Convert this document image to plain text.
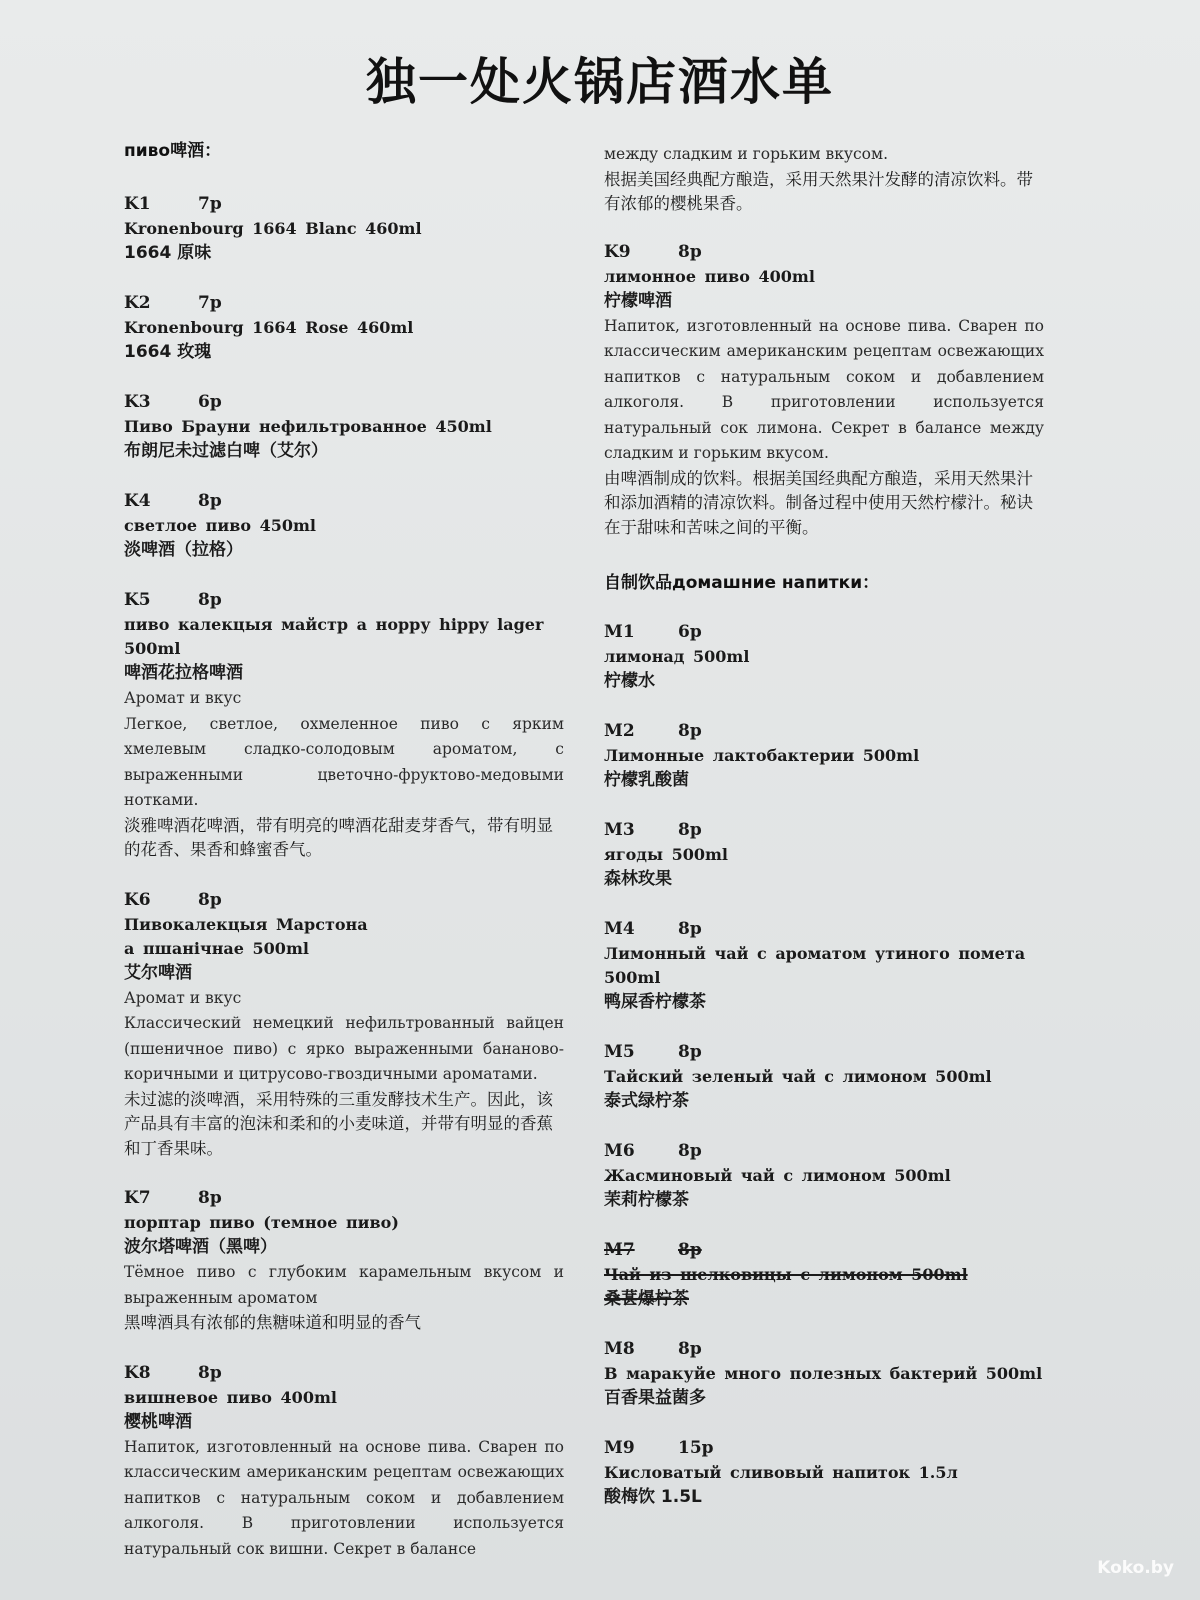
独一处火锅店酒水单
пиво啤酒：
K1	7р
Kronenbourg 1664 Blanc 460ml
1664 原味
K2	7р
Kronenbourg 1664 Rose 460ml
1664 玫瑰
K3	6р
Пиво Брауни нефильтрованное 450ml
布朗尼未过滤白啤（艾尔）
K4	8р
светлое пиво 450ml
淡啤酒（拉格）
K5	8р
пиво калекцыя майстр а норру hippy lager 500ml
啤酒花拉格啤酒
Аромат и вкус
Легкое, светлое, охмеленное пиво с ярким хмелевым сладко-солодовым ароматом, с выраженными цветочно-фруктово-медовыми нотками.
淡雅啤酒花啤酒，带有明亮的啤酒花甜麦芽香气，带有明显的花香、果香和蜂蜜香气。
K6	8р
Пивокалекцыя Марстона
а пшанiчнае 500ml
艾尔啤酒
Аромат и вкус
Классический немецкий нефильтрованный вайцен (пшеничное пиво) с ярко выраженными бананово-коричными и цитрусово-гвоздичными ароматами.
未过滤的淡啤酒，采用特殊的三重发酵技术生产。因此，该产品具有丰富的泡沫和柔和的小麦味道，并带有明显的香蕉和丁香果味。
K7	8р
порптар пиво (темное пиво)
波尔塔啤酒（黑啤）
Тёмное пиво с глубоким карамельным вкусом и выраженным ароматом
黑啤酒具有浓郁的焦糖味道和明显的香气
K8	8р
вишневое пиво 400ml
樱桃啤酒
Напиток, изготовленный на основе пива. Сварен по классическим американским рецептам освежающих напитков с натуральным соком и добавлением алкоголя. В приготовлении используется натуральный сок вишни. Секрет в балансе
между сладким и горьким вкусом.
根据美国经典配方酿造，采用天然果汁发酵的清凉饮料。带有浓郁的樱桃果香。
K9	8р
лимонное пиво 400ml
柠檬啤酒
Напиток, изготовленный на основе пива. Сварен по классическим американским рецептам освежающих напитков с натуральным соком и добавлением алкоголя. В приготовлении используется натуральный сок лимона. Секрет в балансе между сладким и горьким вкусом.
由啤酒制成的饮料。根据美国经典配方酿造，采用天然果汁和添加酒精的清凉饮料。制备过程中使用天然柠檬汁。秘诀在于甜味和苦味之间的平衡。
自制饮品домашние напитки：
M1	6р
лимонад 500ml
柠檬水
M2	8р
Лимонные лактобактерии 500ml
柠檬乳酸菌
M3	8р
ягоды 500ml
森林玫果
M4	8р
Лимонный чай с ароматом утиного помета 500ml
鸭屎香柠檬茶
M5	8р
Тайский зеленый чай с лимоном 500ml
泰式绿柠茶
M6	8р
Жасминовый чай с лимоном 500ml
茉莉柠檬茶
M7	8р
Чай из шелковицы с лимоном 500ml
桑葚爆柠茶
M8	8р
В маракуйе много полезных бактерий 500ml
百香果益菌多
M9	15р
Кисловатый сливовый напиток 1.5л
酸梅饮 1.5L
Koko.by
